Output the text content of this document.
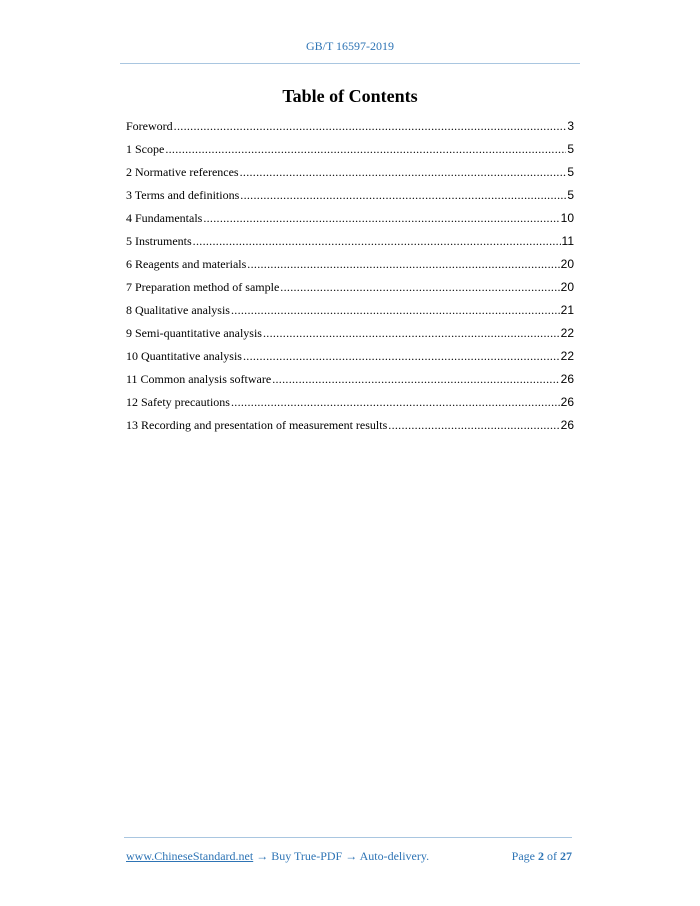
GB/T 16597-2019
Table of Contents
Foreword .....	3
1 Scope .....	5
2 Normative references .....	5
3 Terms and definitions .....	5
4 Fundamentals .....	10
5 Instruments .....	11
6 Reagents and materials .....	20
7 Preparation method of sample .....	20
8 Qualitative analysis .....	21
9 Semi-quantitative analysis .....	22
10 Quantitative analysis .....	22
11 Common analysis software .....	26
12 Safety precautions .....	26
13 Recording and presentation of measurement results .....	26
www.ChineseStandard.net → Buy True-PDF → Auto-delivery.	Page 2 of 27
